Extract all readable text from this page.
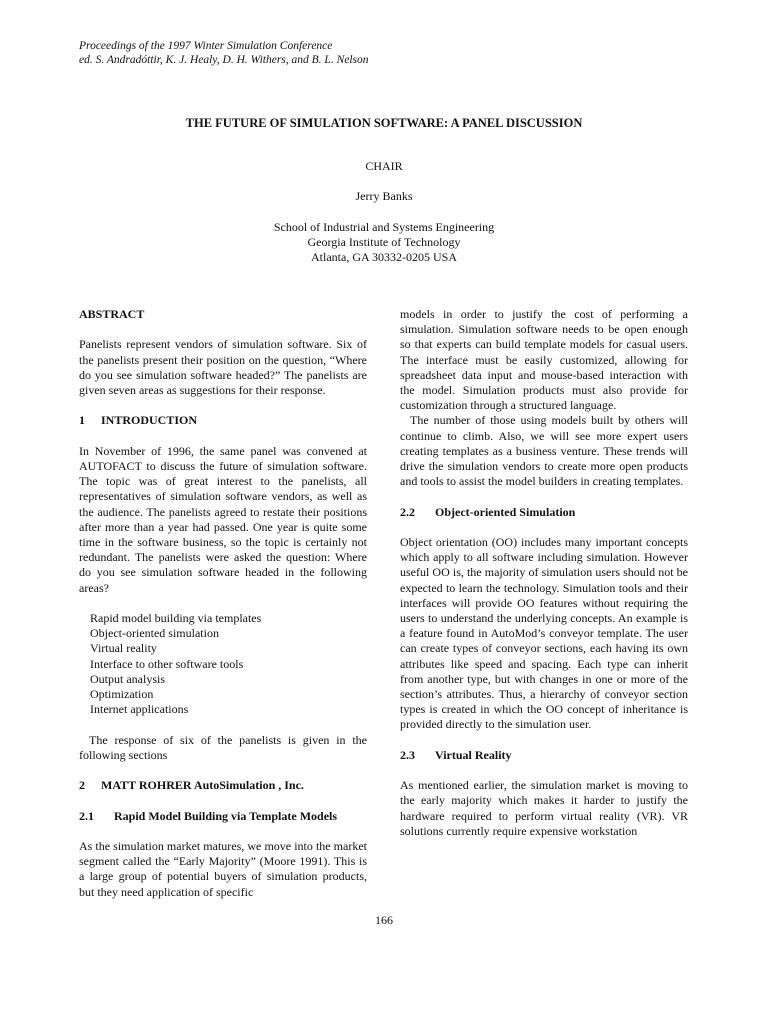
Proceedings of the 1997 Winter Simulation Conference
ed. S. Andradóttir, K. J. Healy, D. H. Withers, and B. L. Nelson
THE FUTURE OF SIMULATION SOFTWARE: A PANEL DISCUSSION
CHAIR
Jerry Banks
School of Industrial and Systems Engineering
Georgia Institute of Technology
Atlanta, GA 30332-0205 USA
ABSTRACT

Panelists represent vendors of simulation software. Six of the panelists present their position on the question, “Where do you see simulation software headed?” The panelists are given seven areas as suggestions for their response.

1 INTRODUCTION

In November of 1996, the same panel was convened at AUTOFACT to discuss the future of simulation software. The topic was of great interest to the panelists, all representatives of simulation software vendors, as well as the audience. The panelists agreed to restate their positions after more than a year had passed. One year is quite some time in the software business, so the topic is certainly not redundant. The panelists were asked the question: Where do you see simulation software headed in the following areas?

Rapid model building via templates
Object-oriented simulation
Virtual reality
Interface to other software tools
Output analysis
Optimization
Internet applications

The response of six of the panelists is given in the following sections

2 MATT ROHRER AutoSimulation , Inc.
2.1 Rapid Model Building via Template Models

As the simulation market matures, we move into the market segment called the “Early Majority” (Moore 1991). This is a large group of potential buyers of simulation products, but they need application of specific

models in order to justify the cost of performing a simulation. Simulation software needs to be open enough so that experts can build template models for casual users. The interface must be easily customized, allowing for spreadsheet data input and mouse-based interaction with the model. Simulation products must also provide for customization through a structured language.

The number of those using models built by others will continue to climb. Also, we will see more expert users creating templates as a business venture. These trends will drive the simulation vendors to create more open products and tools to assist the model builders in creating templates.

2.2 Object-oriented Simulation

Object orientation (OO) includes many important concepts which apply to all software including simulation. However useful OO is, the majority of simulation users should not be expected to learn the technology. Simulation tools and their interfaces will provide OO features without requiring the users to understand the underlying concepts. An example is a feature found in AutoMod’s conveyor template. The user can create types of conveyor sections, each having its own attributes like speed and spacing. Each type can inherit from another type, but with changes in one or more of the section’s attributes. Thus, a hierarchy of conveyor section types is created in which the OO concept of inheritance is provided directly to the simulation user.

2.3 Virtual Reality

As mentioned earlier, the simulation market is moving to the early majority which makes it harder to justify the hardware required to perform virtual reality (VR). VR solutions currently require expensive workstation

166
